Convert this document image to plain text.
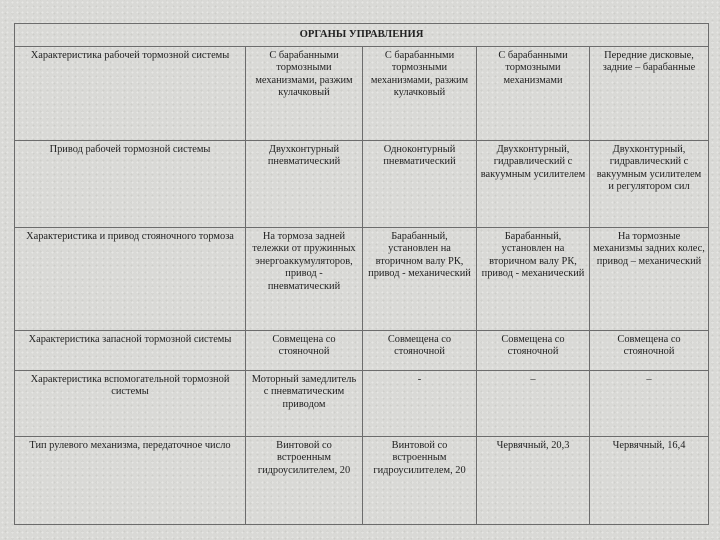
ОРГАНЫ УПРАВЛЕНИЯ				
Характеристика рабочей тормозной системы	С барабанными тормозными механизмами, разжим кулачковый	С барабанными тормозными механизмами, разжим кулачковый	С барабанными тормозными механизмами	Передние дисковые, задние – барабанные
Привод рабочей тормозной системы	Двухконтурный пневматический	Одноконтурный пневматический	Двухконтурный, гидравлический с вакуумным усилителем	Двухконтурный, гидравлический с вакуумным усилителем и регулятором сил
Характеристика и привод стояночного тормоза	На тормоза задней тележки от пружинных энергоаккумуляторов, привод - пневматический	Барабанный, установлен на вторичном валу РК, привод - механический	Барабанный, установлен на вторичном валу РК, привод - механический	На тормозные механизмы задних колес, привод – механический
Характеристика запасной тормозной системы	Совмещена со стояночной	Совмещена со стояночной	Совмещена со стояночной	Совмещена со стояночной
Характеристика вспомогательной тормозной системы	Моторный замедлитель с пневматическим приводом	-	–	–
Тип рулевого механизма, передаточное число	Винтовой со встроенным гидроусилителем, 20	Винтовой со встроенным гидроусилителем, 20	Червячный, 20,3	Червячный, 16,4
